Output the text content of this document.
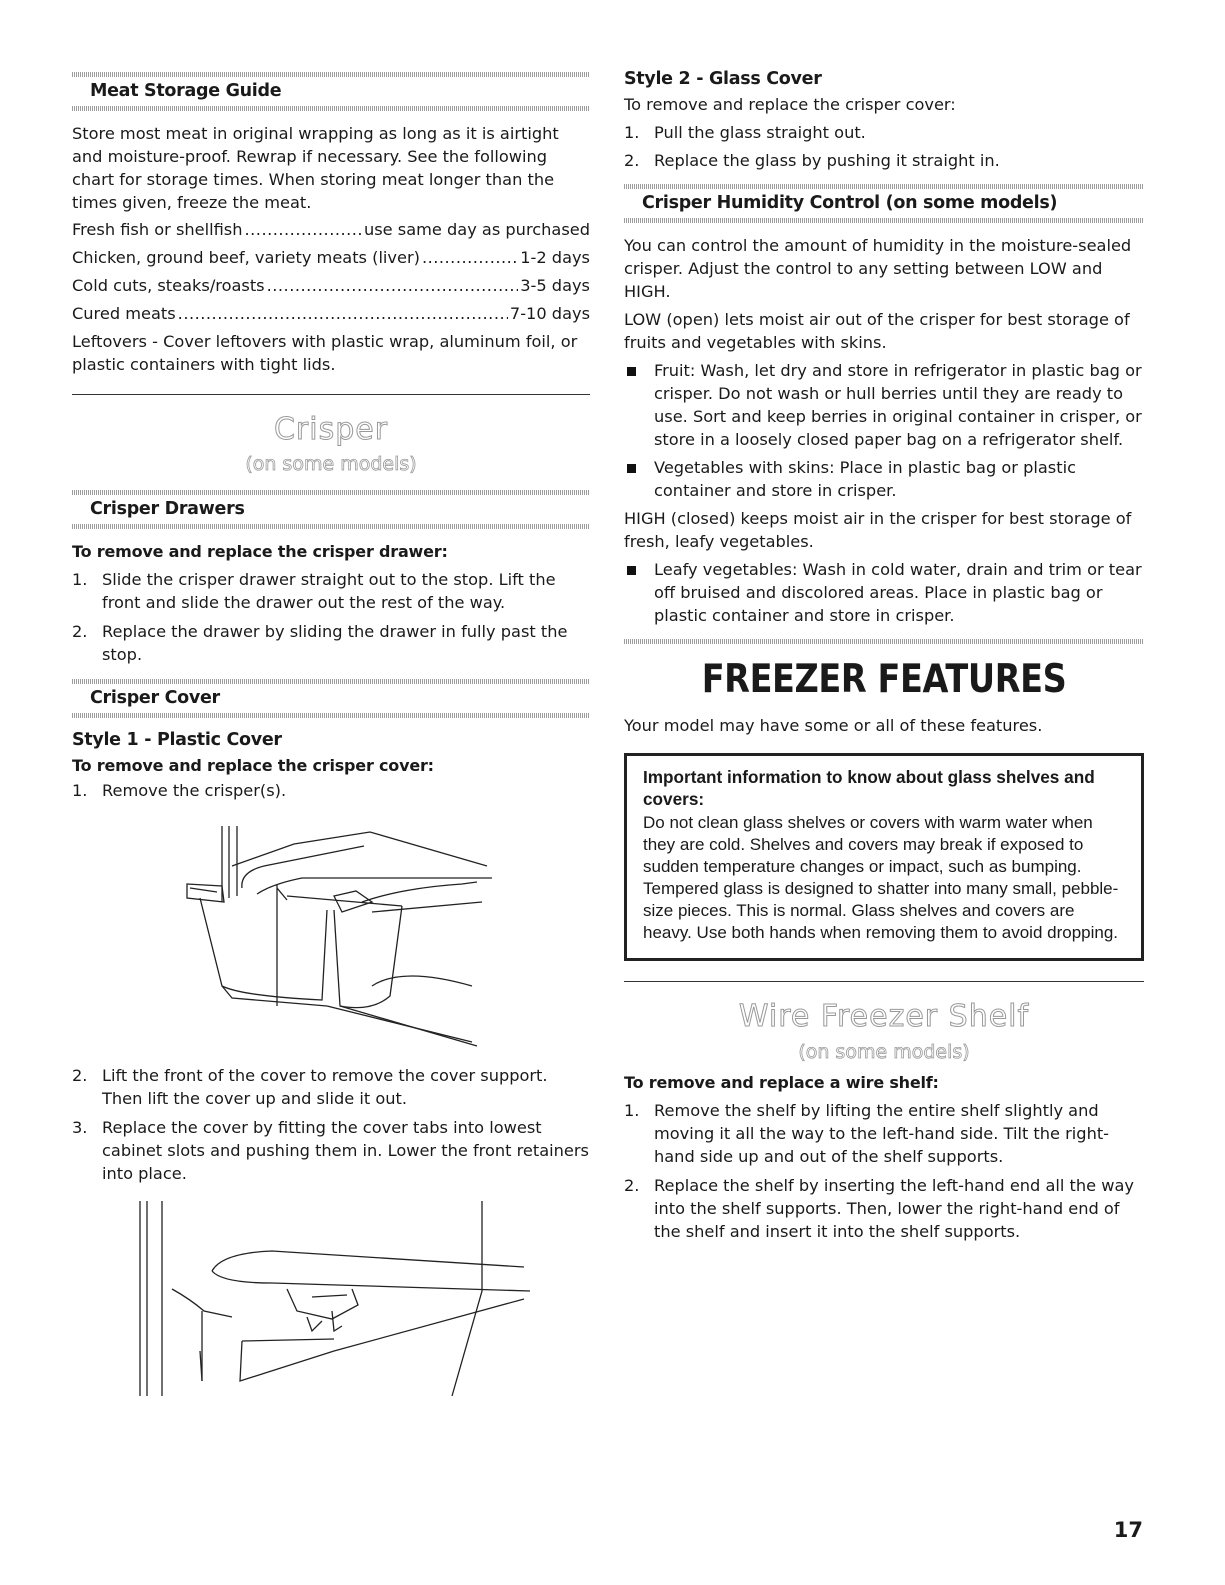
Meat Storage Guide

Store most meat in original wrapping as long as it is airtight and moisture-proof. Rewrap if necessary. See the following chart for storage times. When storing meat longer than the times given, freeze the meat.

Fresh fish or shellfish .....	use same day as purchased
Chicken, ground beef, variety meats (liver) .....	1-2 days
Cold cuts, steaks/roasts .....	3-5 days
Cured meats .....	7-10 days

Leftovers - Cover leftovers with plastic wrap, aluminum foil, or plastic containers with tight lids.

Crisper
(on some models)
Crisper Drawers
To remove and replace the crisper drawer:
1. Slide the crisper drawer straight out to the stop. Lift the front and slide the drawer out the rest of the way.
2. Replace the drawer by sliding the drawer in fully past the stop.
Crisper Cover
Style 1 - Plastic Cover
To remove and replace the crisper cover:
1. Remove the crisper(s).
2. Lift the front of the cover to remove the cover support. Then lift the cover up and slide it out.
3. Replace the cover by fitting the cover tabs into lowest cabinet slots and pushing them in. Lower the front retainers into place.
Style 2 - Glass Cover

To remove and replace the crisper cover:

1. Pull the glass straight out.
2. Replace the glass by pushing it straight in.
Crisper Humidity Control (on some models)

You can control the amount of humidity in the moisture-sealed crisper. Adjust the control to any setting between LOW and HIGH.

LOW (open) lets moist air out of the crisper for best storage of fruits and vegetables with skins.

Fruit: Wash, let dry and store in refrigerator in plastic bag or crisper. Do not wash or hull berries until they are ready to use. Sort and keep berries in original container in crisper, or store in a loosely closed paper bag on a refrigerator shelf.
Vegetables with skins: Place in plastic bag or plastic container and store in crisper.

HIGH (closed) keeps moist air in the crisper for best storage of fresh, leafy vegetables.

Leafy vegetables: Wash in cold water, drain and trim or tear off bruised and discolored areas. Place in plastic bag or plastic container and store in crisper.
FREEZER FEATURES

Your model may have some or all of these features.

Important information to know about glass shelves and covers:
Do not clean glass shelves or covers with warm water when they are cold. Shelves and covers may break if exposed to sudden temperature changes or impact, such as bumping. Tempered glass is designed to shatter into many small, pebble-size pieces. This is normal. Glass shelves and covers are heavy. Use both hands when removing them to avoid dropping.
Wire Freezer Shelf
(on some models)
To remove and replace a wire shelf:
1. Remove the shelf by lifting the entire shelf slightly and moving it all the way to the left-hand side. Tilt the right-hand side up and out of the shelf supports.
2. Replace the shelf by inserting the left-hand end all the way into the shelf supports. Then, lower the right-hand end of the shelf and insert it into the shelf supports.
17
